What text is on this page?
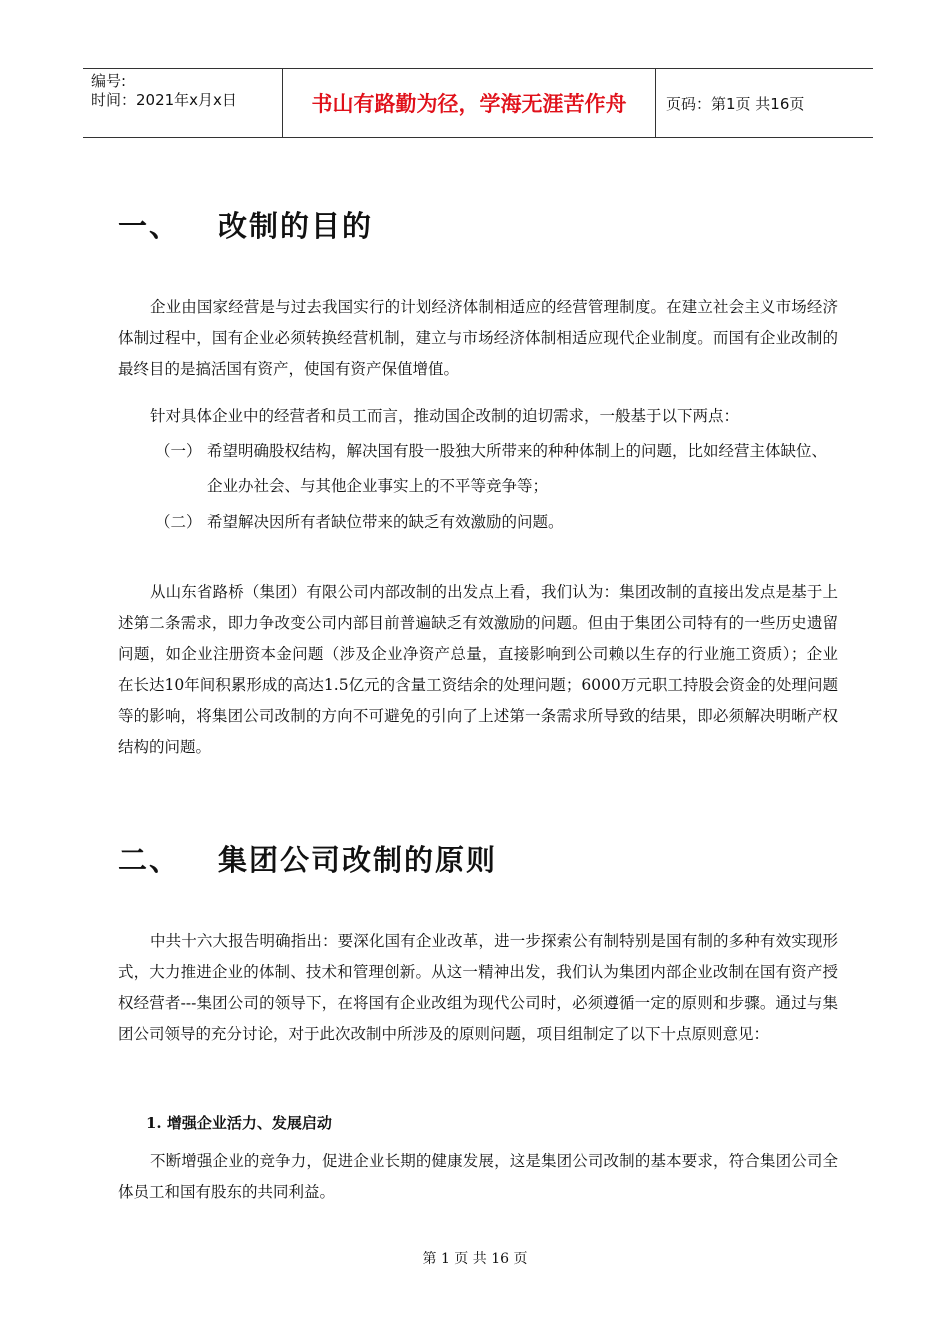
编号:
时间：2021年x月x日	书山有路勤为径，学海无涯苦作舟	页码：第1页 共16页
一、 改制的目的
企业由国家经营是与过去我国实行的计划经济体制相适应的经营管理制度。在建立社会主义市场经济体制过程中，国有企业必须转换经营机制，建立与市场经济体制相适应现代企业制度。而国有企业改制的最终目的是搞活国有资产，使国有资产保值增值。
针对具体企业中的经营者和员工而言，推动国企改制的迫切需求，一般基于以下两点：
（一） 希望明确股权结构，解决国有股一股独大所带来的种种体制上的问题，比如经营主体缺位、企业办社会、与其他企业事实上的不平等竞争等；
（二） 希望解决因所有者缺位带来的缺乏有效激励的问题。
从山东省路桥（集团）有限公司内部改制的出发点上看，我们认为：集团改制的直接出发点是基于上述第二条需求，即力争改变公司内部目前普遍缺乏有效激励的问题。但由于集团公司特有的一些历史遗留问题，如企业注册资本金问题（涉及企业净资产总量，直接影响到公司赖以生存的行业施工资质）；企业在长达10年间积累形成的高达1.5亿元的含量工资结余的处理问题；6000万元职工持股会资金的处理问题等的影响，将集团公司改制的方向不可避免的引向了上述第一条需求所导致的结果，即必须解决明晰产权结构的问题。
二、 集团公司改制的原则
中共十六大报告明确指出：要深化国有企业改革，进一步探索公有制特别是国有制的多种有效实现形式，大力推进企业的体制、技术和管理创新。从这一精神出发，我们认为集团内部企业改制在国有资产授权经营者---集团公司的领导下，在将国有企业改组为现代公司时，必须遵循一定的原则和步骤。通过与集团公司领导的充分讨论，对于此次改制中所涉及的原则问题，项目组制定了以下十点原则意见：
1. 增强企业活力、发展启动
不断增强企业的竞争力，促进企业长期的健康发展，这是集团公司改制的基本要求，符合集团公司全体员工和国有股东的共同利益。
第 1 页 共 16 页
